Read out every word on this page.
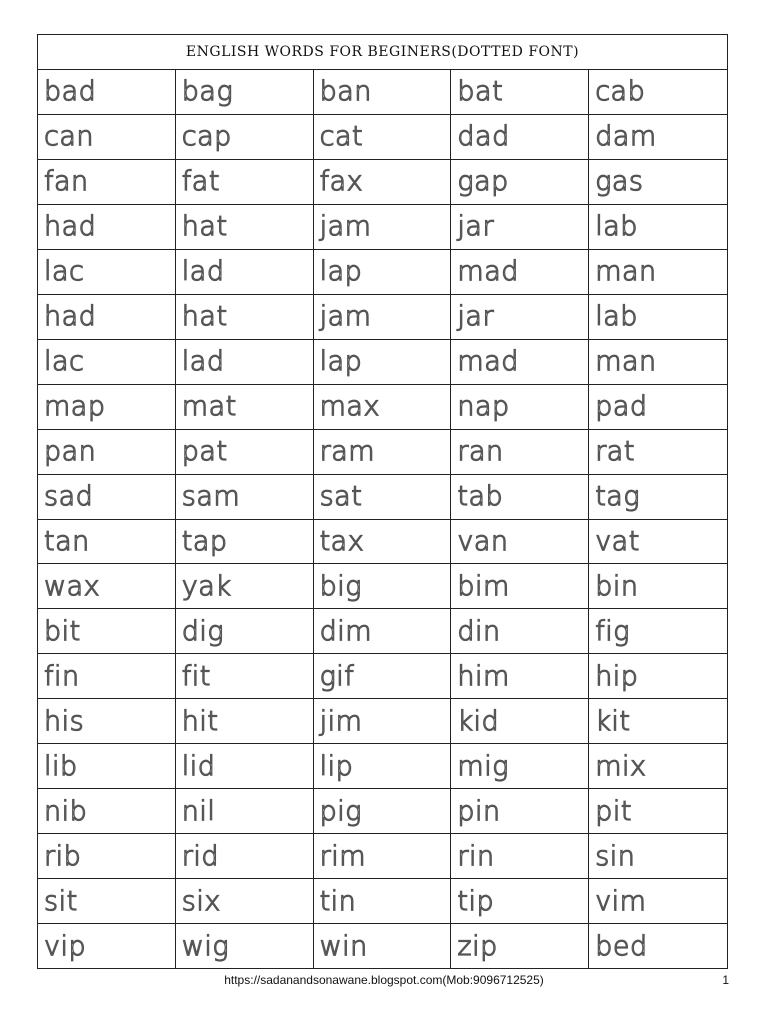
ENGLISH WORDS FOR BEGINERS(DOTTED FONT)
bad	bag	ban	bat	cab
can	cap	cat	dad	dam
fan	fat	fax	gap	gas
had	hat	jam	jar	lab
lac	lad	lap	mad	man
had	hat	jam	jar	lab
lac	lad	lap	mad	man
map	mat	max	nap	pad
pan	pat	ram	ran	rat
sad	sam	sat	tab	tag
tan	tap	tax	van	vat
wax	yak	big	bim	bin
bit	dig	dim	din	fig
fin	fit	gif	him	hip
his	hit	jim	kid	kit
lib	lid	lip	mig	mix
nib	nil	pig	pin	pit
rib	rid	rim	rin	sin
sit	six	tin	tip	vim
vip	wig	win	zip	bed
https://sadanandsonawane.blogspot.com(Mob:9096712525)	1
